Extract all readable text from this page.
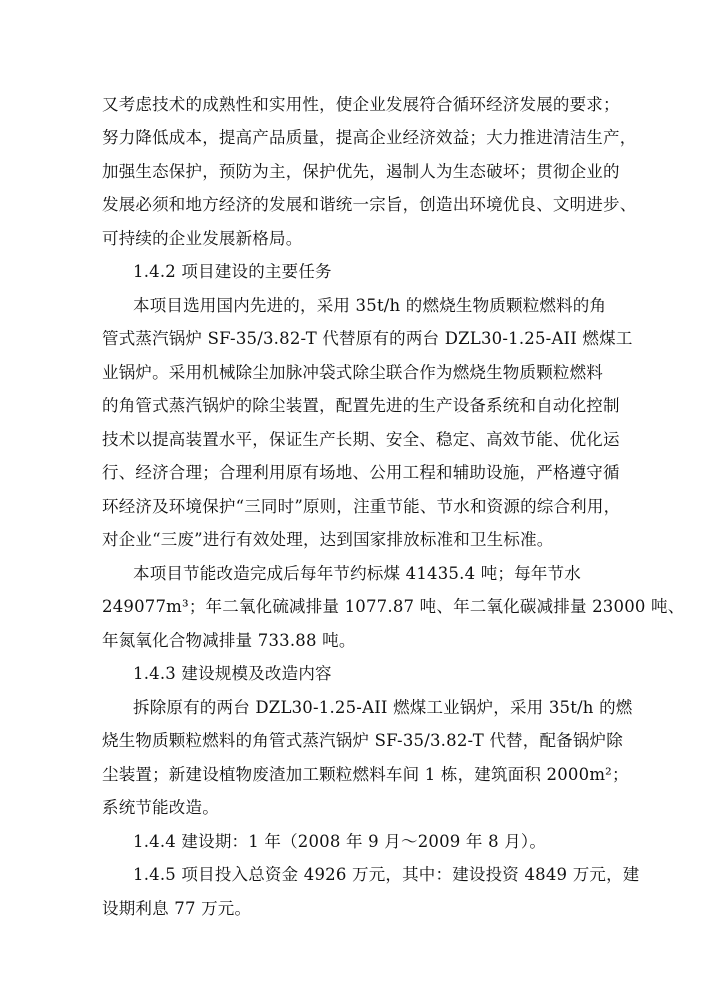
又考虑技术的成熟性和实用性，使企业发展符合循环经济发展的要求；
努力降低成本，提高产品质量，提高企业经济效益；大力推进清洁生产，
加强生态保护，预防为主，保护优先，遏制人为生态破坏；贯彻企业的
发展必须和地方经济的发展和谐统一宗旨，创造出环境优良、文明进步、
可持续的企业发展新格局。
1.4.2 项目建设的主要任务
本项目选用国内先进的，采用 35t/h 的燃烧生物质颗粒燃料的角
管式蒸汽锅炉 SF-35/3.82-T 代替原有的两台 DZL30-1.25-AII 燃煤工
业锅炉。采用机械除尘加脉冲袋式除尘联合作为燃烧生物质颗粒燃料
的角管式蒸汽锅炉的除尘装置，配置先进的生产设备系统和自动化控制
技术以提高装置水平，保证生产长期、安全、稳定、高效节能、优化运
行、经济合理；合理利用原有场地、公用工程和辅助设施，严格遵守循
环经济及环境保护“三同时”原则，注重节能、节水和资源的综合利用，
对企业“三废”进行有效处理，达到国家排放标准和卫生标准。
本项目节能改造完成后每年节约标煤 41435.4 吨；每年节水
249077m³；年二氧化硫减排量 1077.87 吨、年二氧化碳减排量 23000 吨、
年氮氧化合物减排量 733.88 吨。
1.4.3 建设规模及改造内容
拆除原有的两台 DZL30-1.25-AII 燃煤工业锅炉，采用 35t/h 的燃
烧生物质颗粒燃料的角管式蒸汽锅炉 SF-35/3.82-T 代替，配备锅炉除
尘装置；新建设植物废渣加工颗粒燃料车间 1 栋，建筑面积 2000m²；
系统节能改造。
1.4.4 建设期：1 年（2008 年 9 月～2009 年 8 月）。
1.4.5 项目投入总资金 4926 万元，其中：建设投资 4849 万元，建
设期利息 77 万元。
